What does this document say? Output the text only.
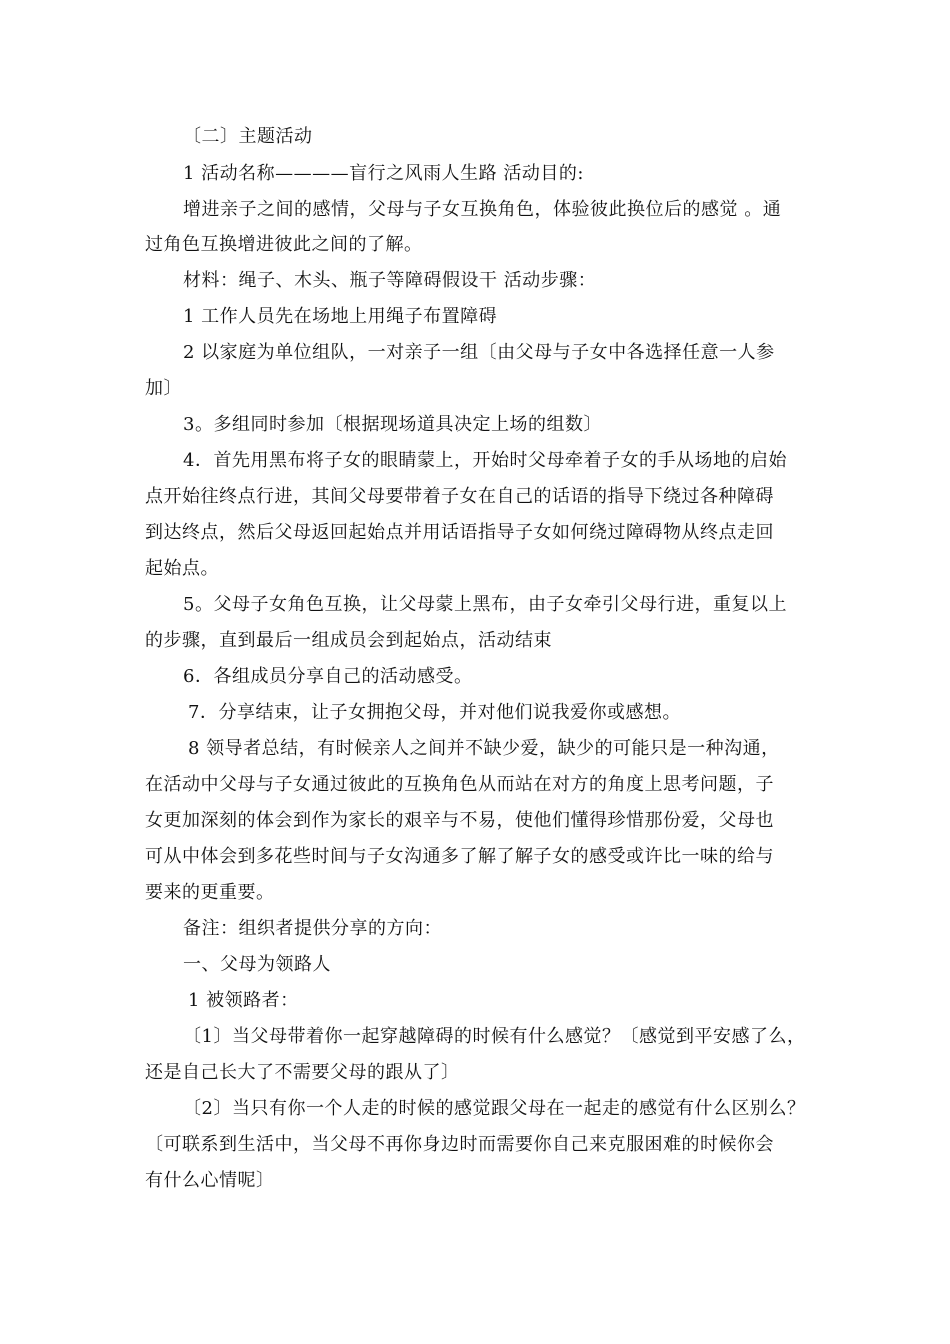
〔二〕主题活动
1 活动名称————盲行之风雨人生路 活动目的:
增进亲子之间的感情，父母与子女互换角色，体验彼此换位后的感觉 。通
过角色互换增进彼此之间的了解。
材料：绳子、木头、瓶子等障碍假设干 活动步骤：
1 工作人员先在场地上用绳子布置障碍
2 以家庭为单位组队，一对亲子一组〔由父母与子女中各选择任意一人参
加〕
3。多组同时参加〔根据现场道具决定上场的组数〕
4．首先用黑布将子女的眼睛蒙上，开始时父母牵着子女的手从场地的启始
点开始往终点行进，其间父母要带着子女在自己的话语的指导下绕过各种障碍
到达终点，然后父母返回起始点并用话语指导子女如何绕过障碍物从终点走回
起始点。
5。父母子女角色互换，让父母蒙上黑布，由子女牵引父母行进，重复以上
的步骤，直到最后一组成员会到起始点，活动结束
6．各组成员分享自己的活动感受。
7．分享结束，让子女拥抱父母，并对他们说我爱你或感想。
8 领导者总结，有时候亲人之间并不缺少爱，缺少的可能只是一种沟通，
在活动中父母与子女通过彼此的互换角色从而站在对方的角度上思考问题，子
女更加深刻的体会到作为家长的艰辛与不易，使他们懂得珍惜那份爱，父母也
可从中体会到多花些时间与子女沟通多了解了解子女的感受或许比一味的给与
要来的更重要。
备注：组织者提供分享的方向：
一、父母为领路人
1 被领路者：
〔1〕当父母带着你一起穿越障碍的时候有什么感觉？〔感觉到平安感了么，
还是自己长大了不需要父母的跟从了〕
〔2〕当只有你一个人走的时候的感觉跟父母在一起走的感觉有什么区别么？
〔可联系到生活中，当父母不再你身边时而需要你自己来克服困难的时候你会
有什么心情呢〕
